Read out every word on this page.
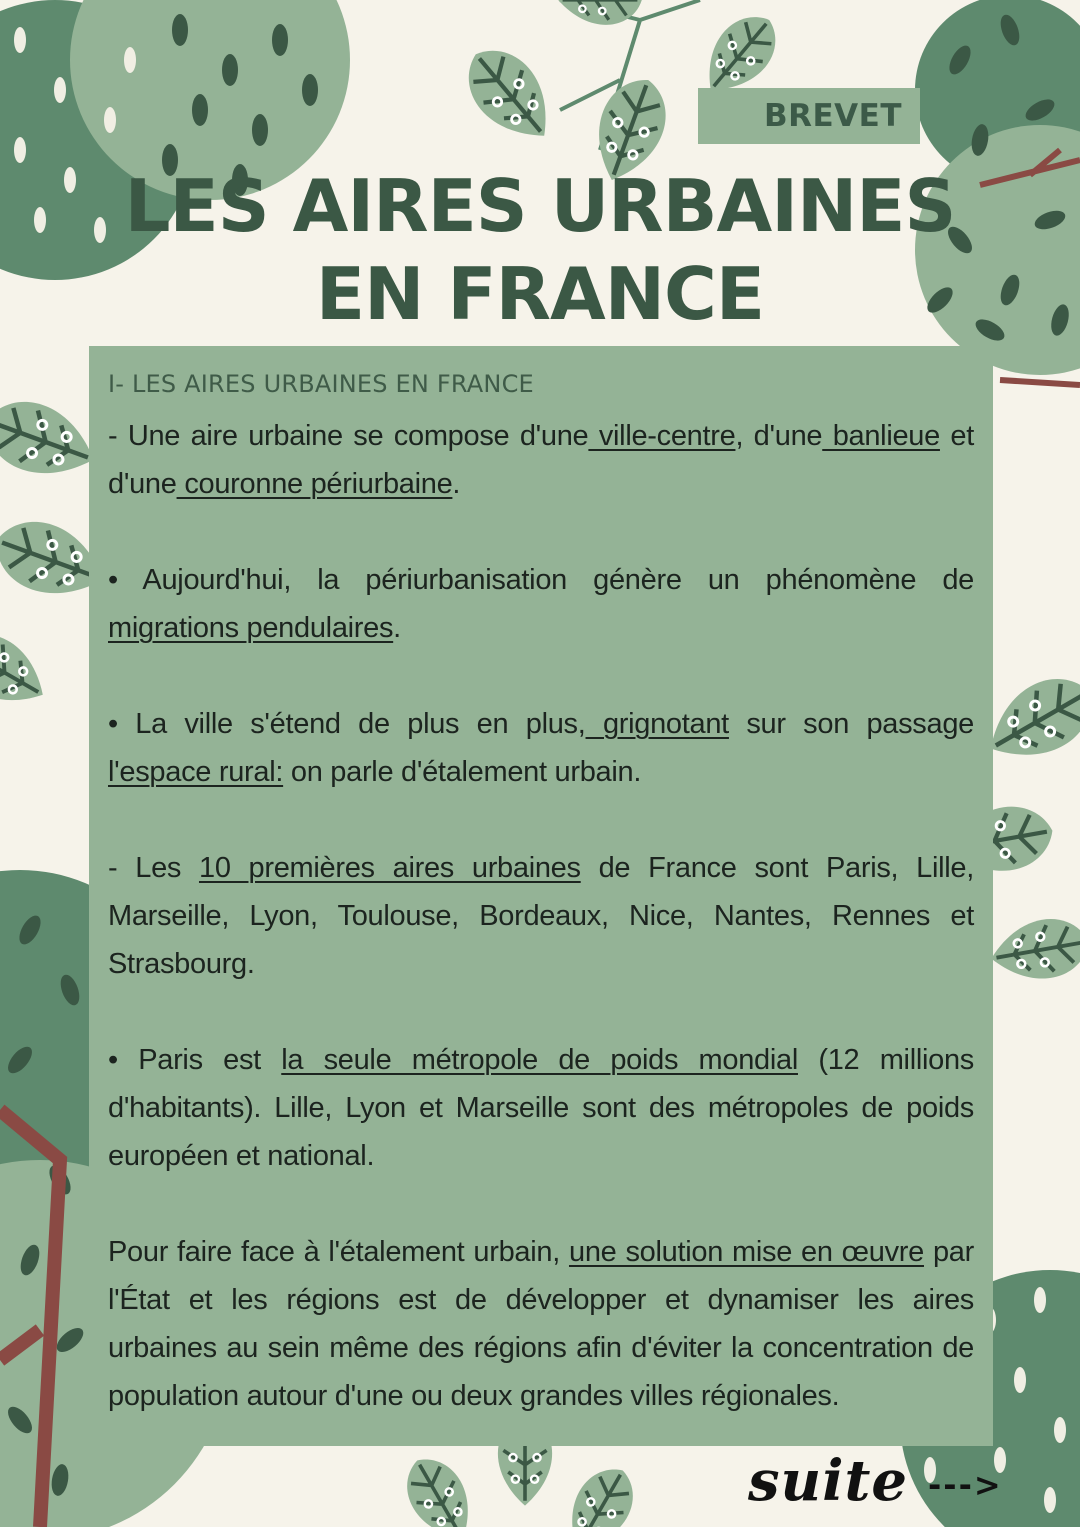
BREVET
LES AIRES URBAINES
EN FRANCE
I- LES AIRES URBAINES EN FRANCE

- Une aire urbaine se compose d'une ville-centre, d'une banlieue et d'une couronne périurbaine.

• Aujourd'hui, la périurbanisation génère un phénomène de migrations pendulaires.

• La ville s'étend de plus en plus, grignotant sur son passage l'espace rural: on parle d'étalement urbain.

- Les 10 premières aires urbaines de France sont Paris, Lille, Marseille, Lyon, Toulouse, Bordeaux, Nice, Nantes, Rennes et Strasbourg.

• Paris est la seule métropole de poids mondial (12 millions d'habitants). Lille, Lyon et Marseille sont des métropoles de poids européen et national.

Pour faire face à l'étalement urbain, une solution mise en œuvre par l'État et les régions est de développer et dynamiser les aires urbaines au sein même des régions afin d'éviter la concentration de population autour d'une ou deux grandes villes régionales.

suite --->
